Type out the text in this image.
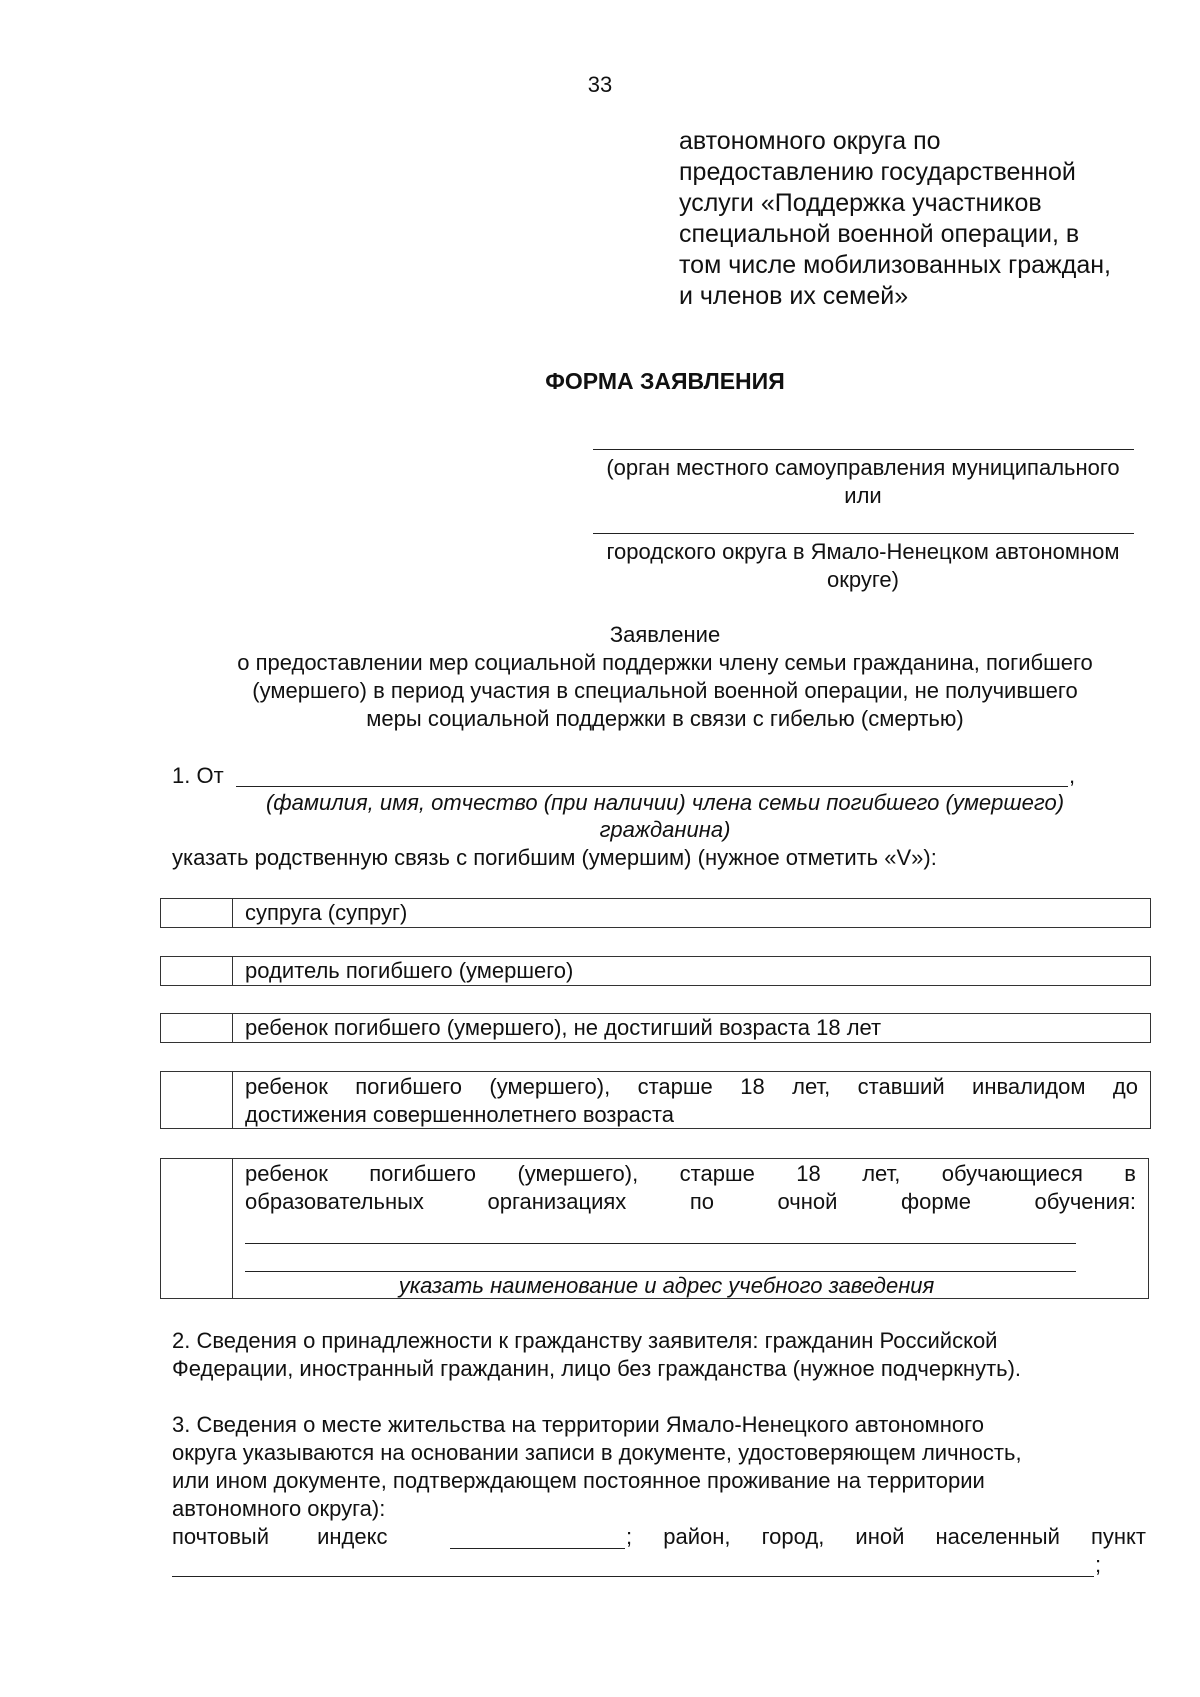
33
автономного округа по
предоставлению государственной
услуги «Поддержка участников
специальной военной операции, в
том числе мобилизованных граждан,
и членов их семей»
ФОРМА ЗАЯВЛЕНИЯ
(орган местного самоуправления муниципального
или
городского округа в Ямало-Ненецком автономном
округе)
Заявление
о предоставлении мер социальной поддержки члену семьи гражданина, погибшего
(умершего) в период участия в специальной военной операции, не получившего
меры социальной поддержки в связи с гибелью (смертью)
1. От	,
(фамилия, имя, отчество (при наличии) члена семьи погибшего (умершего)
гражданина)
указать родственную связь с погибшим (умершим) (нужное отметить «V»):
супруга (супруг)
родитель погибшего (умершего)
ребенок погибшего (умершего), не достигший возраста 18 лет
ребенок погибшего (умершего), старше 18 лет, ставший инвалидом до
достижения совершеннолетнего возраста
ребенок погибшего (умершего), старше 18 лет, обучающиеся в
образовательных организациях по очной форме обучения:
указать наименование и адрес учебного заведения
2. Сведения о принадлежности к гражданству заявителя: гражданин Российской
Федерации, иностранный гражданин, лицо без гражданства (нужное подчеркнуть).
3. Сведения о месте жительства на территории Ямало-Ненецкого автономного
округа указываются на основании записи в документе, удостоверяющем личность,
или ином документе, подтверждающем постоянное проживание на территории
автономного округа):
почтовый индекс	; район, город, иной населенный пункт
;
